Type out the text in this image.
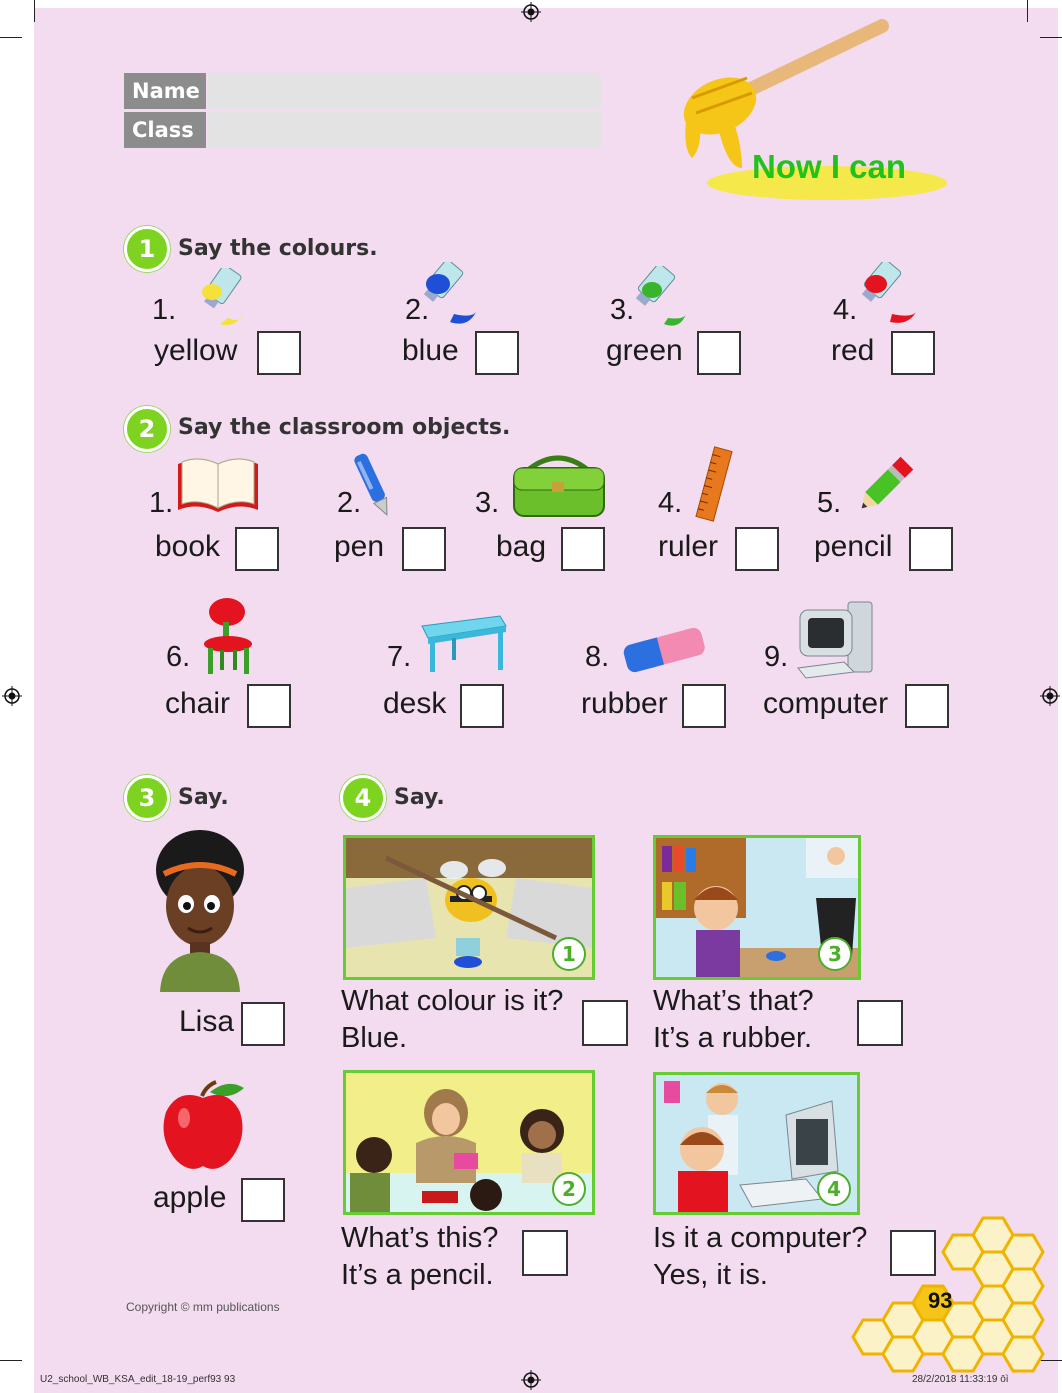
Name
Class
Now I can
1	Say the colours.
1.
yellow
2.
blue
3.
green
4.
red
2	Say the classroom objects.
1.
book
2.
pen
3.
bag
4.
ruler
5.
pencil
6.
chair
7.
desk
8.
rubber
9.
computer
3	Say.
Lisa
apple
4	Say.
1
What colour is it?
Blue.
3
What’s that?
It’s a rubber.
2
What’s this?
It’s a pencil.
4
Is it a computer?
Yes, it is.
93
Copyright © mm publications
U2_school_WB_KSA_edit_18-19_perf93 93	28/2/2018 11:33:19 ōì
